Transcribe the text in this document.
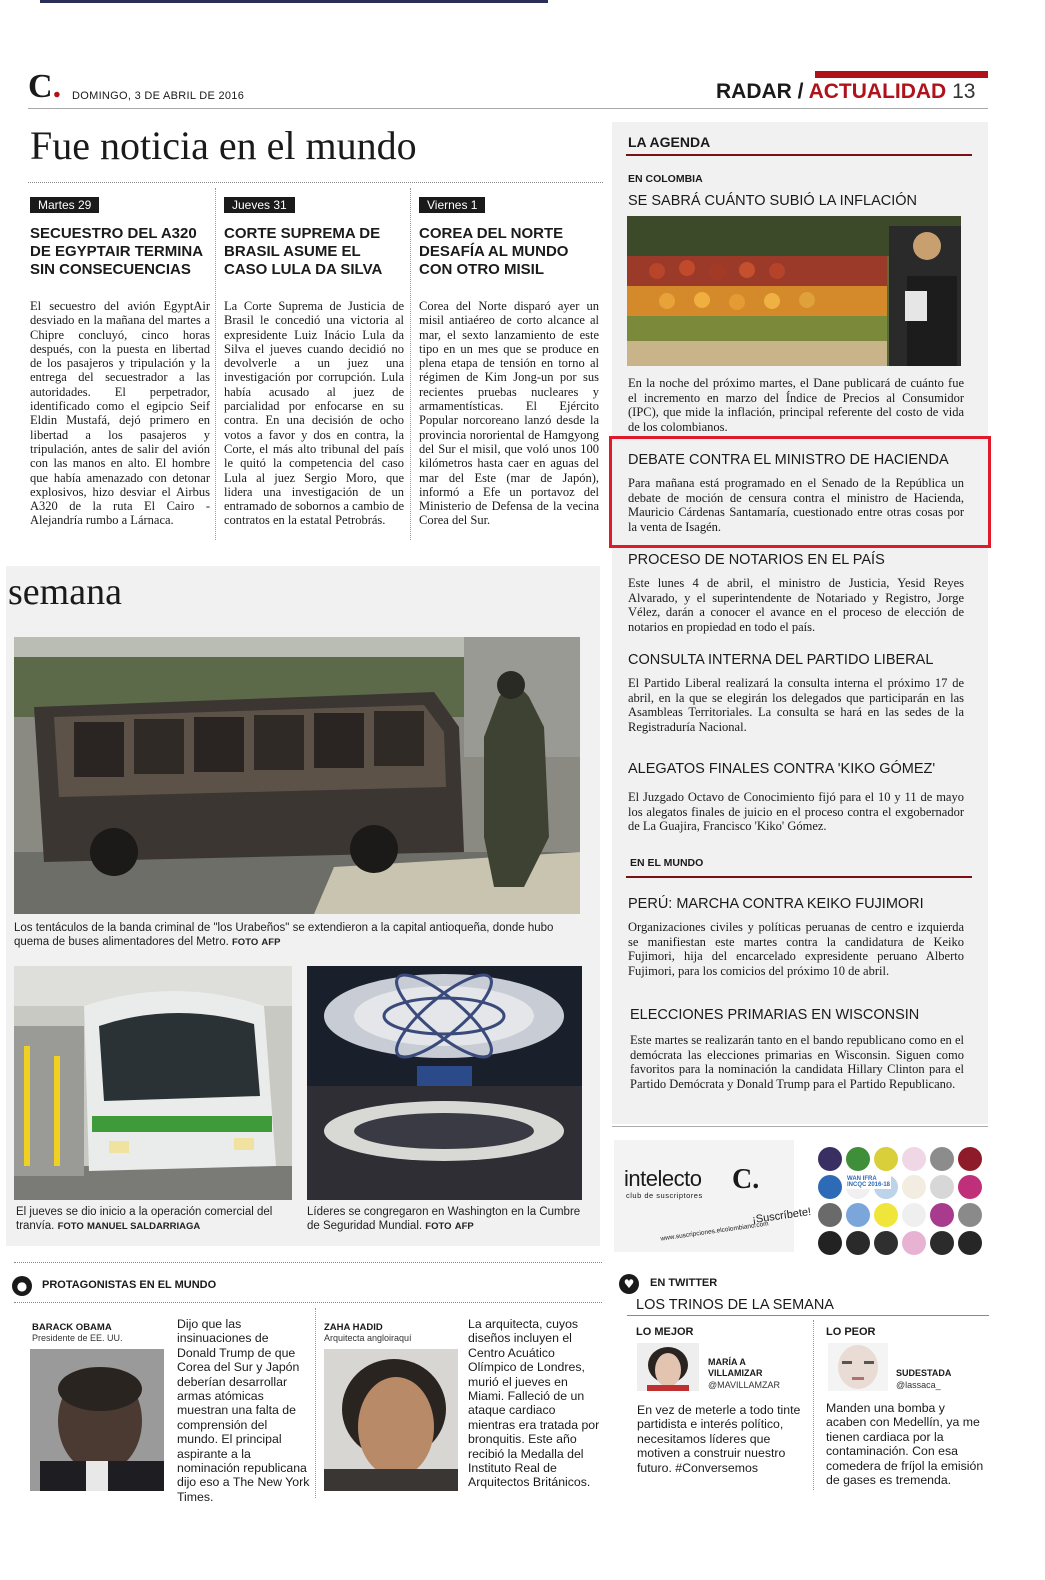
C. DOMINGO, 3 DE ABRIL DE 2016	RADAR / ACTUALIDAD 13
Fue noticia en el mundo
Martes 29
SECUESTRO DEL A320 DE EGYPTAIR TERMINA SIN CONSECUENCIAS
El secuestro del avión EgyptAir desviado en la mañana del martes a Chipre concluyó, cinco horas después, con la puesta en libertad de los pasajeros y tripulación y la entrega del secuestrador a las autoridades. El perpetrador, identificado como el egipcio Seif Eldin Mustafá, dejó primero en libertad a los pasajeros y tripulación, antes de salir del avión con las manos en alto. El hombre que había amenazado con detonar explosivos, hizo desviar el Airbus A320 de la ruta El Cairo - Alejandría rumbo a Lárnaca.
Jueves 31
CORTE SUPREMA DE BRASIL ASUME EL CASO LULA DA SILVA
La Corte Suprema de Justicia de Brasil le concedió una victoria al expresidente Luiz Inácio Lula da Silva el jueves cuando decidió no devolverle a un juez una investigación por corrupción. Lula había acusado al juez de parcialidad por enfocarse en su contra. En una decisión de ocho votos a favor y dos en contra, la Corte, el más alto tribunal del país le quitó la competencia del caso Lula al juez Sergio Moro, que lidera una investigación de un entramado de sobornos a cambio de contratos en la estatal Petrobrás.
Viernes 1
COREA DEL NORTE DESAFÍA AL MUNDO CON OTRO MISIL
Corea del Norte disparó ayer un misil antiaéreo de corto alcance al mar, el sexto lanzamiento de este tipo en un mes que se produce en plena etapa de tensión en torno al régimen de Kim Jong-un por sus recientes pruebas nucleares y armamentísticas. El Ejército Popular norcoreano lanzó desde la provincia nororiental de Hamgyong del Sur el misil, que voló unos 100 kilómetros hasta caer en aguas del mar del Este (mar de Japón), informó a Efe un portavoz del Ministerio de Defensa de la vecina Corea del Sur.
LA AGENDA
EN COLOMBIA
SE SABRÁ CUÁNTO SUBIÓ LA INFLACIÓN
En la noche del próximo martes, el Dane publicará de cuánto fue el incremento en marzo del Índice de Precios al Consumidor (IPC), que mide la inflación, principal referente del costo de vida de los colombianos.
DEBATE CONTRA EL MINISTRO DE HACIENDA
Para mañana está programado en el Senado de la República un debate de moción de censura contra el ministro de Hacienda, Mauricio Cárdenas Santamaría, cuestionado entre otras cosas por la venta de Isagén.
PROCESO DE NOTARIOS EN EL PAÍS
Este lunes 4 de abril, el ministro de Justicia, Yesid Reyes Alvarado, y el superintendente de Notariado y Registro, Jorge Vélez, darán a conocer el avance en el proceso de elección de notarios en propiedad en todo el país.
CONSULTA INTERNA DEL PARTIDO LIBERAL
El Partido Liberal realizará la consulta interna el próximo 17 de abril, en la que se elegirán los delegados que participarán en las Asambleas Territoriales. La consulta se hará en las sedes de la Registraduría Nacional.
ALEGATOS FINALES CONTRA 'KIKO GÓMEZ'
El Juzgado Octavo de Conocimiento fijó para el 10 y 11 de mayo los alegatos finales de juicio en el proceso contra el exgobernador de La Guajira, Francisco 'Kiko' Gómez.
EN EL MUNDO
PERÚ: MARCHA CONTRA KEIKO FUJIMORI
Organizaciones civiles y políticas peruanas de centro e izquierda se manifiestan este martes contra la candidatura de Keiko Fujimori, hija del encarcelado expresidente peruano Alberto Fujimori, para los comicios del próximo 10 de abril.
ELECCIONES PRIMARIAS EN WISCONSIN
Este martes se realizarán tanto en el bando republicano como en el demócrata las elecciones primarias en Wisconsin. Siguen como favoritos para la nominación la candidata Hillary Clinton para el Partido Demócrata y Donald Trump para el Partido Republicano.
semana
Los tentáculos de la banda criminal de "los Urabeños" se extendieron a la capital antioqueña, donde hubo quema de buses alimentadores del Metro. FOTO AFP
El jueves se dio inicio a la operación comercial del tranvía. FOTO MANUEL SALDARRIAGA
Líderes se congregaron en Washington en la Cumbre de Seguridad Mundial. FOTO AFP
intelecto C.
club de suscriptores
¡Suscríbete!
www.suscripciones.elcolombiano.com
WAN IFRA
INCQC 2016-18
●	PROTAGONISTAS EN EL MUNDO
BARACK OBAMA
Presidente de EE. UU.
Dijo que las insinuaciones de Donald Trump de que Corea del Sur y Japón deberían desarrollar armas atómicas muestran una falta de comprensión del mundo. El principal aspirante a la nominación republicana dijo eso a The New York Times.
ZAHA HADID
Arquitecta angloiraquí
La arquitecta, cuyos diseños incluyen el Centro Acuático Olímpico de Londres, murió el jueves en Miami. Falleció de un ataque cardiaco mientras era tratada por bronquitis. Este año recibió la Medalla del Instituto Real de Arquitectos Británicos.
♥	EN TWITTER
LOS TRINOS DE LA SEMANA
LO MEJOR
MARÍA A VILLAMIZAR
@MAVILLAMZAR
En vez de meterle a todo tinte partidista e interés político, necesitamos líderes que motiven a construir nuestro futuro. #Conversemos
LO PEOR
SUDESTADA
@lassaca_
Manden una bomba y acaben con Medellín, ya me tienen cardiaca por la contaminación. Con esa comedera de fríjol la emisión de gases es tremenda.
